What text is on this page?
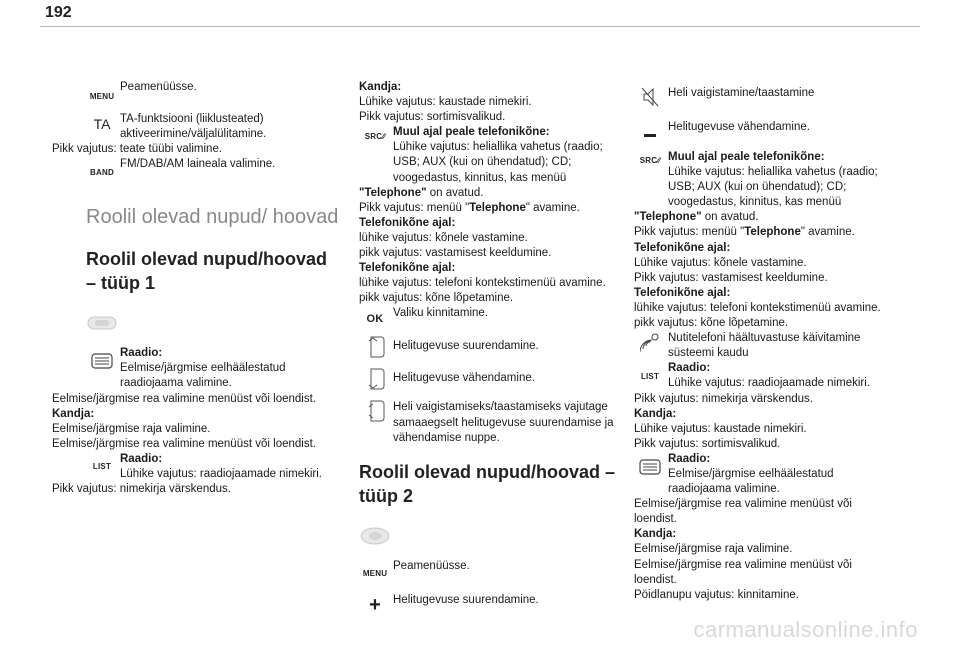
192
MENU
Peamenüüsse.
TA TA-funktsiooni (liiklusteated) aktiveerimine/väljalülitamine.
Pikk vajutus: teate tüübi valimine.
BAND
FM/DAB/AM laineala valimine.
Roolil olevad nupud/ hoovad
Roolil olevad nupud/hoovad – tüüp 1
Raadio:
Eelmise/järgmise eelhäälestatud raadiojaama valimine.
Eelmise/järgmise rea valimine menüüst või loendist.
Kandja:
Eelmise/järgmise raja valimine.
Eelmise/järgmise rea valimine menüüst või loendist.
LIST
Raadio:
Lühike vajutus: raadiojaamade nimekiri.
Pikk vajutus: nimekirja värskendus.
Kandja:
Lühike vajutus: kaustade nimekiri.
Pikk vajutus: sortimisvalikud.
SRC ∕∕ Muul ajal peale telefonikõne:
Lühike vajutus: heliallika vahetus (raadio; USB; AUX (kui on ühendatud); CD; voogedastus, kinnitus, kas menüü
"Telephone" on avatud.
Pikk vajutus: menüü "Telephone" avamine.
Telefonikõne ajal:
lühike vajutus: kõnele vastamine.
pikk vajutus: vastamisest keeldumine.
Telefonikõne ajal:
lühike vajutus: telefoni kontekstimenüü avamine.
pikk vajutus: kõne lõpetamine.
OK Valiku kinnitamine.
Helitugevuse suurendamine.
Helitugevuse vähendamine.
Heli vaigistamiseks/taastamiseks vajutage samaaegselt helitugevuse suurendamise ja vähendamise nuppe.
Roolil olevad nupud/hoovad – tüüp 2
MENU
Peamenüüsse.
+ Helitugevuse suurendamine.
Heli vaigistamine/taastamine
Helitugevuse vähendamine.
SRC ∕∕ Muul ajal peale telefonikõne:
Lühike vajutus: heliallika vahetus (raadio; USB; AUX (kui on ühendatud); CD; voogedastus, kinnitus, kas menüü
"Telephone" on avatud.
Pikk vajutus: menüü "Telephone" avamine.
Telefonikõne ajal:
Lühike vajutus: kõnele vastamine.
Pikk vajutus: vastamisest keeldumine.
Telefonikõne ajal:
lühike vajutus: telefoni kontekstimenüü avamine.
pikk vajutus: kõne lõpetamine.
Nutitelefoni häältuvastuse käivitamine süsteemi kaudu
LIST
Raadio:
Lühike vajutus: raadiojaamade nimekiri.
Pikk vajutus: nimekirja värskendus.
Kandja:
Lühike vajutus: kaustade nimekiri.
Pikk vajutus: sortimisvalikud.
Raadio:
Eelmise/järgmise eelhäälestatud raadiojaama valimine.
Eelmise/järgmise rea valimine menüüst või loendist.
Kandja:
Eelmise/järgmise raja valimine.
Eelmise/järgmise rea valimine menüüst või loendist.
Pöidlanupu vajutus: kinnitamine.
carmanualsonline.info
